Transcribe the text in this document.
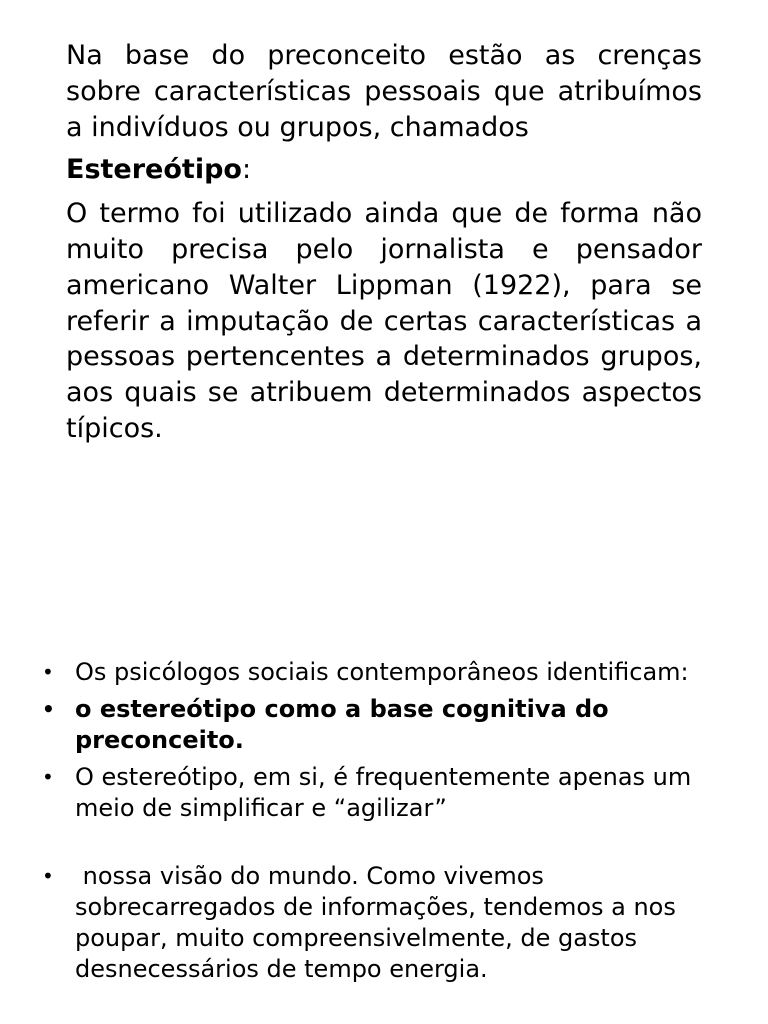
Na base do preconceito estão as crenças sobre características pessoais que atribuímos a indivíduos ou grupos, chamados

Estereótipo:

O termo foi utilizado ainda que de forma não muito precisa pelo jornalista e pensador americano Walter Lippman (1922), para se referir a imputação de certas características a pessoas pertencentes a determinados grupos, aos quais se atribuem determinados aspectos típicos.

• Os psicólogos sociais contemporâneos identificam:
• o estereótipo como a base cognitiva do preconceito.
• O estereótipo, em si, é frequentemente apenas um meio de simplificar e “agilizar”
• nossa visão do mundo. Como vivemos sobrecarregados de informações, tendemos a nos poupar, muito compreensivelmente, de gastos desnecessários de tempo energia.
